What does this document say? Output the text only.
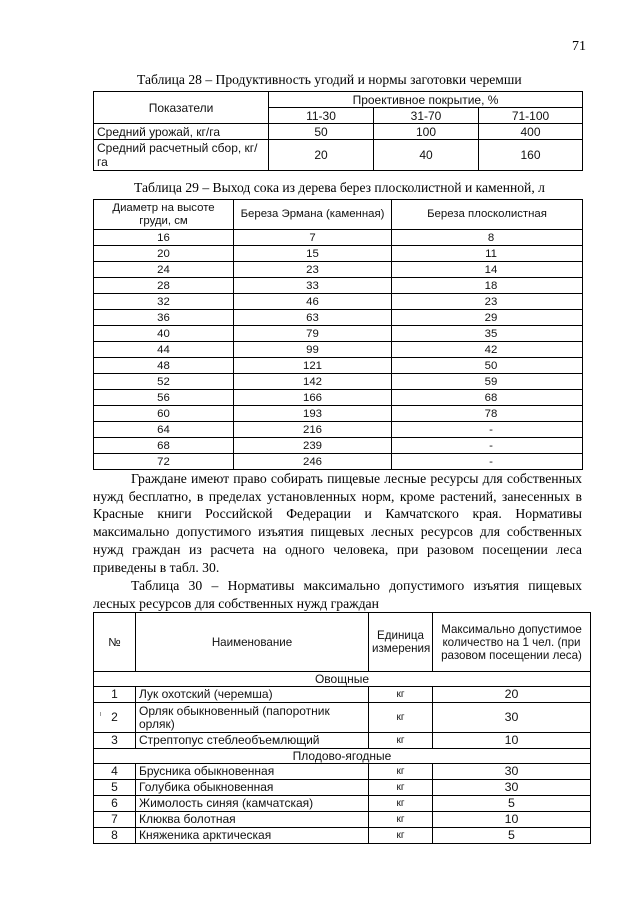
71
Таблица 28 – Продуктивность угодий и нормы заготовки черемши
Показатели	Проективное покрытие, %		
	11-30	31-70	71-100
Средний урожай, кг/га	50	100	400
Средний расчетный сбор, кг/га	20	40	160
Таблица 29 – Выход сока из дерева берез плосколистной и каменной, л
Диаметр на высоте груди, см	Береза Эрмана (каменная)	Береза плосколистная
16	7	8
20	15	11
24	23	14
28	33	18
32	46	23
36	63	29
40	79	35
44	99	42
48	121	50
52	142	59
56	166	68
60	193	78
64	216	-
68	239	-
72	246	-

Граждане имеют право собирать пищевые лесные ресурсы для собственных нужд бесплатно, в пределах установленных норм, кроме растений, занесенных в Красные книги Российской Федерации и Камчатского края. Нормативы максимально допустимого изъятия пищевых лесных ресурсов для собственных нужд граждан из расчета на одного человека, при разовом посещении леса приведены в табл. 30.

Таблица 30 – Нормативы максимально допустимого изъятия пищевых лесных ресурсов для собственных нужд граждан

№	Наименование	Единица измерения	Максимально допустимое количество на 1 чел. (при разовом посещении леса)
Овощные			
1	Лук охотский (черемша)	кг	20
2	Орляк обыкновенный (папоротник орляк)	кг	30
3	Стрептопус стеблеобъемлющий	кг	10
Плодово-ягодные			
4	Брусника обыкновенная	кг	30
5	Голубика обыкновенная	кг	30
6	Жимолость синяя (камчатская)	кг	5
7	Клюква болотная	кг	10
8	Княженика арктическая	кг	5
